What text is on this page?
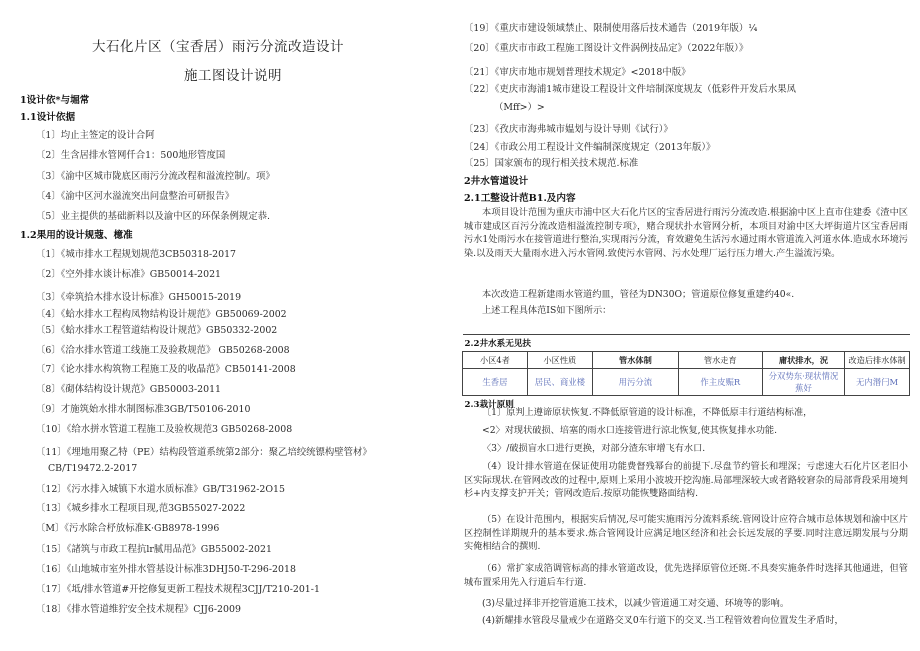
大石化片区（宝香居）雨污分流改造设计
施工图设计说明
1设计依*与堀常
1.1设计依据
〔1〕均止主签定的设计合阿
〔2〕生含居排水管网仟合1：500地形管度国
〔3〕《渝中区城市陇底区雨污分流改程和溢流控制/。项》
〔4〕《渝中区河水溢流突出问盘整治可研报告》
〔5〕业主提供的基础新料以及渝中区的环保条例规定恭.
1.2果用的设计规蔻、檍准
〔1〕《城市排水工程规划规范3CB50318-2017
〔2〕《空外排水谈计标准》GB50014-2021
〔3〕《牵筑拾木排水设计标准》GH50015-2019
〔4〕《蛤水排水工程构凤物结构设计规范》GB50069-2002
〔5〕《蛤水排水工程管道结构设计规范》GB50332-2002
〔6〕《洽水排水管道工线施工及验救规范》 GB50268-2008
〔7〕《论水排水构筑物工程施工及的收晶范》CB50141-2008
〔8〕《砌体结构设计规范》GB50003-2011
〔9〕才施筑始水排水制图标准3GB/T50106-2010
〔10〕《给水拼水管道工程施工及验枚规范3 GB50268-2008
〔11〕《埋地用聚乙特（PE）结构段管道系统第2部分：聚乙培绞统镖构壁管材》
CB/T19472.2-2017
〔12〕《污水排入城镇下水道水质标准》GB/T31962-2O15
〔13〕《城乡排水工程项目现,范3GB55027-2022
〔M〕《污水除合杼放标准K·GB8978-1996
〔15〕《諸筑与市政工程抗lr腻用品范》GB55002-2021
〔16〕《山地城市室外排水管基设计标准3DHJ50-T-296-2018
〔17〕《坻/排水管道#开挖修复更新工程技术规程3CJJ/T210-201-1
〔18〕《排水管道维狞安全技术规程》CJJ6-2009
〔19〕《重庆市建设领域禁止、限制使用落后技术通告（2019年版）¼
〔20〕《重庆市市政工程施工图设计文件涡例技品定》（2022年版）》
〔21〕《审庆市地市规划普理技术规定》<2018中版》
〔22〕《吏庆市海浦1城市建设工程设计文件培制深度规友（低彩件开发后水果凤
（Mff>）>
〔23〕《孜庆市海弗城市媪划与设计导则《试行）》
〔24〕《市政公用工程设计文件编制深度规定（2013年版）》
〔25〕国家颁布的现行相关技术规范.标准
2井水管道设计
2.1工整设计范B1.及内容
本项目设计范围为重庆市浦中区大石化片区的宝香居进行雨污分流改造.根据渝中区上直市住建委《渣中区城市建成区百污分流改造相溢流控制专项》，赌合现状扑水管网分析，本项目对渝中区大坪街道片区宝香居雨污水1处雨污水在接管道进行整治,实现雨污分流，育效避免生活污水通过雨水管道流入河道水体.造成水环境污染.以及雨天大量雨水进入污水管网.致使污水管网、污水处理厂运行压力增大.产生溢流污染。
本次改造工程新建雨水管道约皿，管径为DN30O；管道原位修复重建约40«.
上述工程具体范IS如下图所示：
2.2井水系无见扶					
小区4者	小区性质	管水体制	管水走育	庸状排水，況	改造后排水体制
生香居	居民、商业楼	用污分流	作主皮赈R	分双势东·现状情况蕉好	无内湣闩M
2.3栽计原则					
〔1〕原判上遵谛原状恢复.不降低原管道的设计标准，不降低原丰行道结构标准，
<2〉对现状破损、培塞的雨水口连接管进行涼北恢复,使其恢复排水功能.
〈3〉/破损盲水口进行更换，对部分渣东审增飞有水口.
（4）设计排水管道在保证使用功能费督残幂台的前提下.尽盘节约管长和埋深；亏虑速大石化片区老旧小区实际现状.在管网改改的过程中,原则上采用小波坡开挖沟施.局部埋深较大或者路较窘杂的局部背段采用境判杉+内支撑支护开关；管网改造后.按原功能恢雙路面结构.
（5）在设计范围内，根据实后情况,尽可能实施雨污分流料系统.管网设计应符合城市总体规划和渝中区片区控制性详期规升的基本要求.炼合管网设计应满足地区经济和社会长远发展的孚要.同时注意远期发展与分期实俺相结合的撰则.
（6）常扩家成箔调管标高的排水管道改设，优先选择原管位还斑.不具奏实施条件时选择其他通进，但管城布置采用先入行道后车行道.
(3)尽量过择非开挖管道施工技术，以减少管道通工对交通、环境等的影响。
(4)新耀排水管段尽量戒少在道路交叉0车行道下的交叉.当工程管效着向位置发生矛盾时，
